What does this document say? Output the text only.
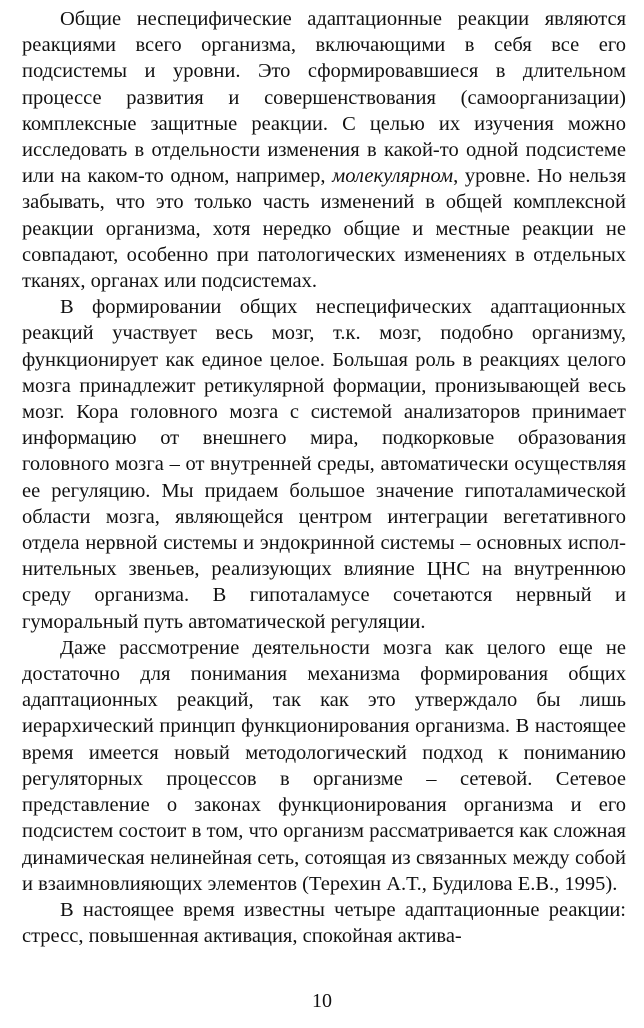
Общие неспецифические адаптационные реакции являются реакциями всего организма, включающими в себя все его подсистемы и уровни. Это сформировавшиеся в длительном процессе развития и совершенствования (самоорганизации) комплексные защитные реакции. С целью их изучения можно исследовать в отдельности изменения в какой-то одной подсистеме или на каком-то одном, например, молекулярном, уровне. Но нельзя забывать, что это только часть изменений в общей комплексной реакции организма, хотя нередко общие и местные реакции не совпадают, особенно при патологических изменениях в отдельных тканях, органах или подсистемах.

В формировании общих неспецифических адаптационных реакций участвует весь мозг, т.к. мозг, подобно организму, функционирует как единое целое. Большая роль в реакциях целого мозга принадлежит ретикулярной формации, пронизывающей весь мозг. Кора головного мозга с системой анализаторов принимает информацию от внешнего мира, подкорковые образования головного мозга – от внутренней среды, автоматически осуществляя ее регуляцию. Мы придаем большое значение гипоталамической области мозга, являющейся центром интеграции вегетативного отдела нервной системы и эндокринной системы – основных испол-нительных звеньев, реализующих влияние ЦНС на внутреннюю среду организма. В гипоталамусе сочетаются нервный и гуморальный путь автоматической регуляции.

Даже рассмотрение деятельности мозга как целого еще не достаточно для понимания механизма формирования общих адаптационных реакций, так как это утверждало бы лишь иерархический принцип функционирования организма. В настоящее время имеется новый методологический подход к пониманию регуляторных процессов в организме – сетевой. Сетевое представление о законах функционирования организма и его подсистем состоит в том, что организм рассматривается как сложная динамическая нелинейная сеть, сотоящая из связанных между собой и взаимновлияющих элементов (Терехин А.Т., Будилова Е.В., 1995).

В настоящее время известны четыре адаптационные реакции: стресс, повышенная активация, спокойная актива-

10
